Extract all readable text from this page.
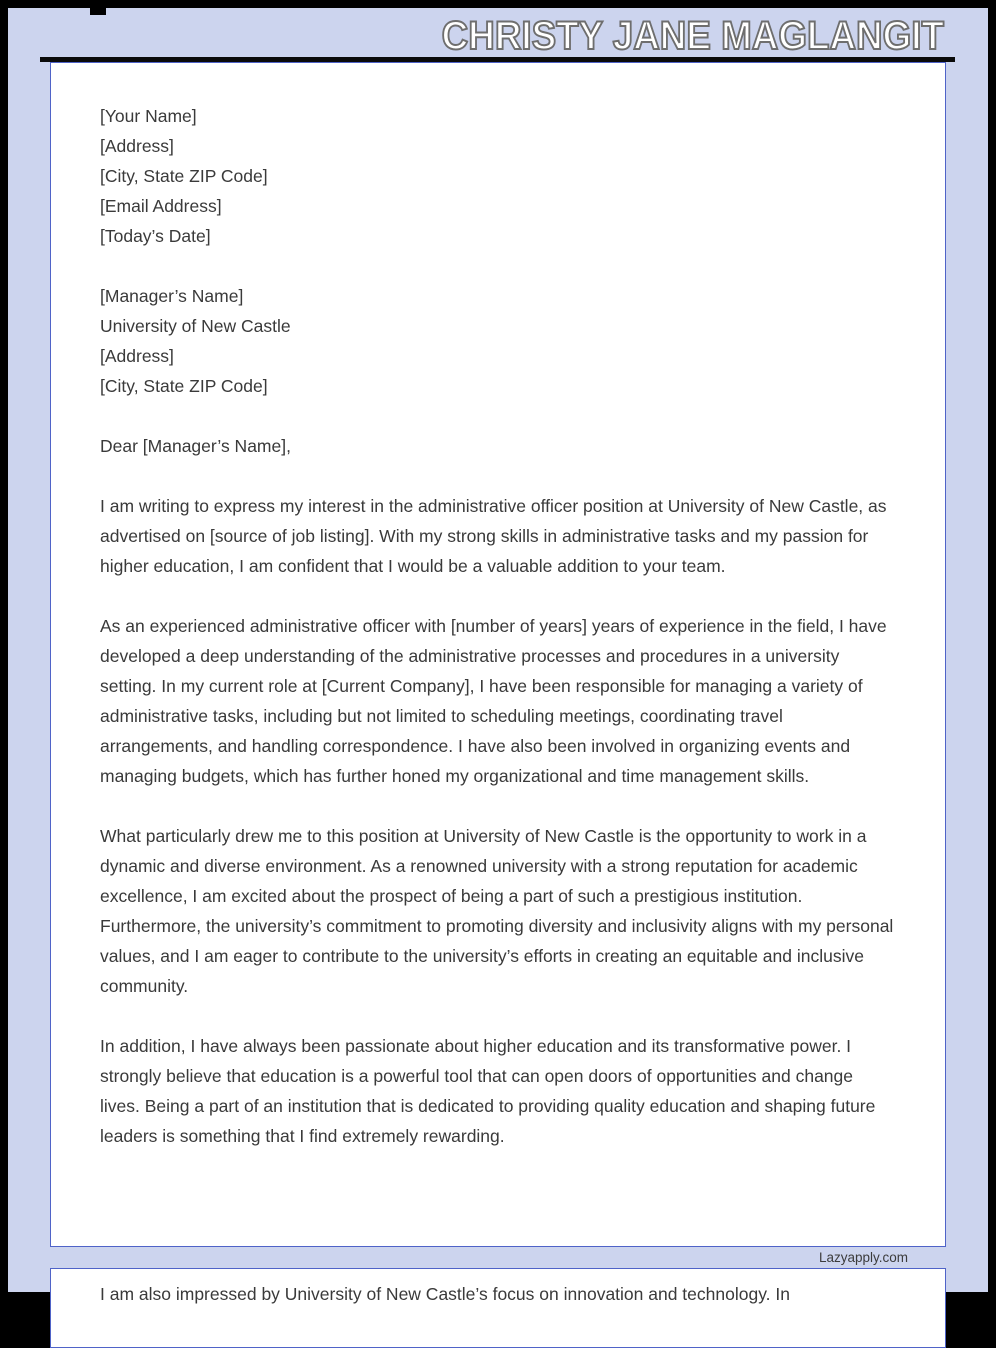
CHRISTY JANE MAGLANGIT
[Your Name]
[Address]
[City, State ZIP Code]
[Email Address]
[Today’s Date]
[Manager’s Name]
University of New Castle
[Address]
[City, State ZIP Code]
Dear [Manager’s Name],

I am writing to express my interest in the administrative officer position at University of New Castle, as advertised on [source of job listing]. With my strong skills in administrative tasks and my passion for higher education, I am confident that I would be a valuable addition to your team.

As an experienced administrative officer with [number of years] years of experience in the field, I have developed a deep understanding of the administrative processes and procedures in a university setting. In my current role at [Current Company], I have been responsible for managing a variety of administrative tasks, including but not limited to scheduling meetings, coordinating travel arrangements, and handling correspondence. I have also been involved in organizing events and managing budgets, which has further honed my organizational and time management skills.

What particularly drew me to this position at University of New Castle is the opportunity to work in a dynamic and diverse environment. As a renowned university with a strong reputation for academic excellence, I am excited about the prospect of being a part of such a prestigious institution. Furthermore, the university’s commitment to promoting diversity and inclusivity aligns with my personal values, and I am eager to contribute to the university’s efforts in creating an equitable and inclusive community.

In addition, I have always been passionate about higher education and its transformative power. I strongly believe that education is a powerful tool that can open doors of opportunities and change lives. Being a part of an institution that is dedicated to providing quality education and shaping future leaders is something that I find extremely rewarding.

Lazyapply.com

I am also impressed by University of New Castle’s focus on innovation and technology. In
